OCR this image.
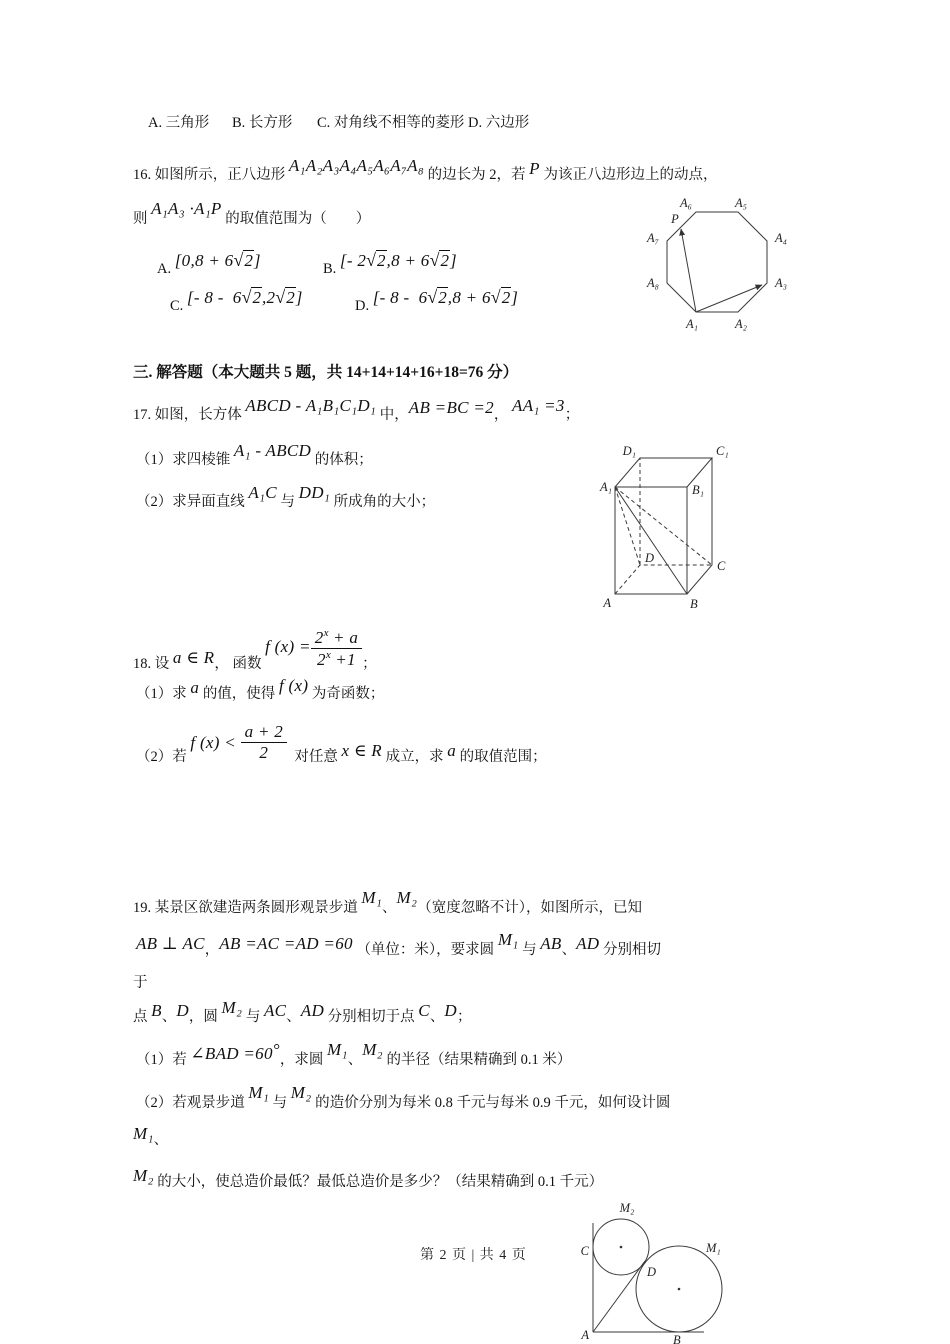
A. 三角形 B. 长方形 C. 对角线不相等的菱形 D. 六边形
16. 如图所示，正八边形 A₁A₂A₃A₄A₅A₆A₇A₈ 的边长为 2，若 P 为该正八边形边上的动点，
则 A₁A₃ ·A₁P 的取值范围为（        ）
A. [0,8 + 6√2]	B. [- 2√2,8 + 6√2]
C. [- 8 -  6√2,2√2]	D. [- 8 -  6√2,8 + 6√2]
三. 解答题（本大题共 5 题，共 14+14+14+16+18=76 分）
17. 如图，长方体 ABCD - A₁B₁C₁D₁ 中，AB =BC =2， AA₁ =3；
（1）求四棱锥 A₁ - ABCD 的体积；
（2）求异面直线 A₁C 与 DD₁ 所成角的大小；
18. 设 a ∈ R， 函数 f $(x) = \frac{2^x + a}{2^x +1}$ ；
（1）求 a 的值，使得 f (x) 为奇函数；
（2）若 f $(x) < \frac{a + 2}{2}$ 对任意 x ∈ R 成立，求 a 的取值范围；
19. 某景区欲建造两条圆形观景步道 M₁、M₂（宽度忽略不计），如图所示，已知
AB ⊥ AC，AB =AC =AD =60 （单位：米），要求圆 M₁ 与 AB、AD 分别相切
于
点 B、D，圆 M₂ 与 AC、AD 分别相切于点 C、D；
（1）若 ∠BAD =60°，求圆 M₁、M₂ 的半径（结果精确到 0.1 米）
（2）若观景步道 M₁ 与 M₂ 的造价分别为每米 0.8 千元与每米 0.9 千元，如何设计圆
M₁、
M₂ 的大小，使总造价最低？最低总造价是多少？（结果精确到 0.1 千元）
A₆	A₅
A₇	A₄
A₈	A₃
A₁	A₂
P
D₁	C₁
A₁	B₁
D
C
A	B
M₂
M₁
C
D
A	B
第 2 页 | 共 4 页
